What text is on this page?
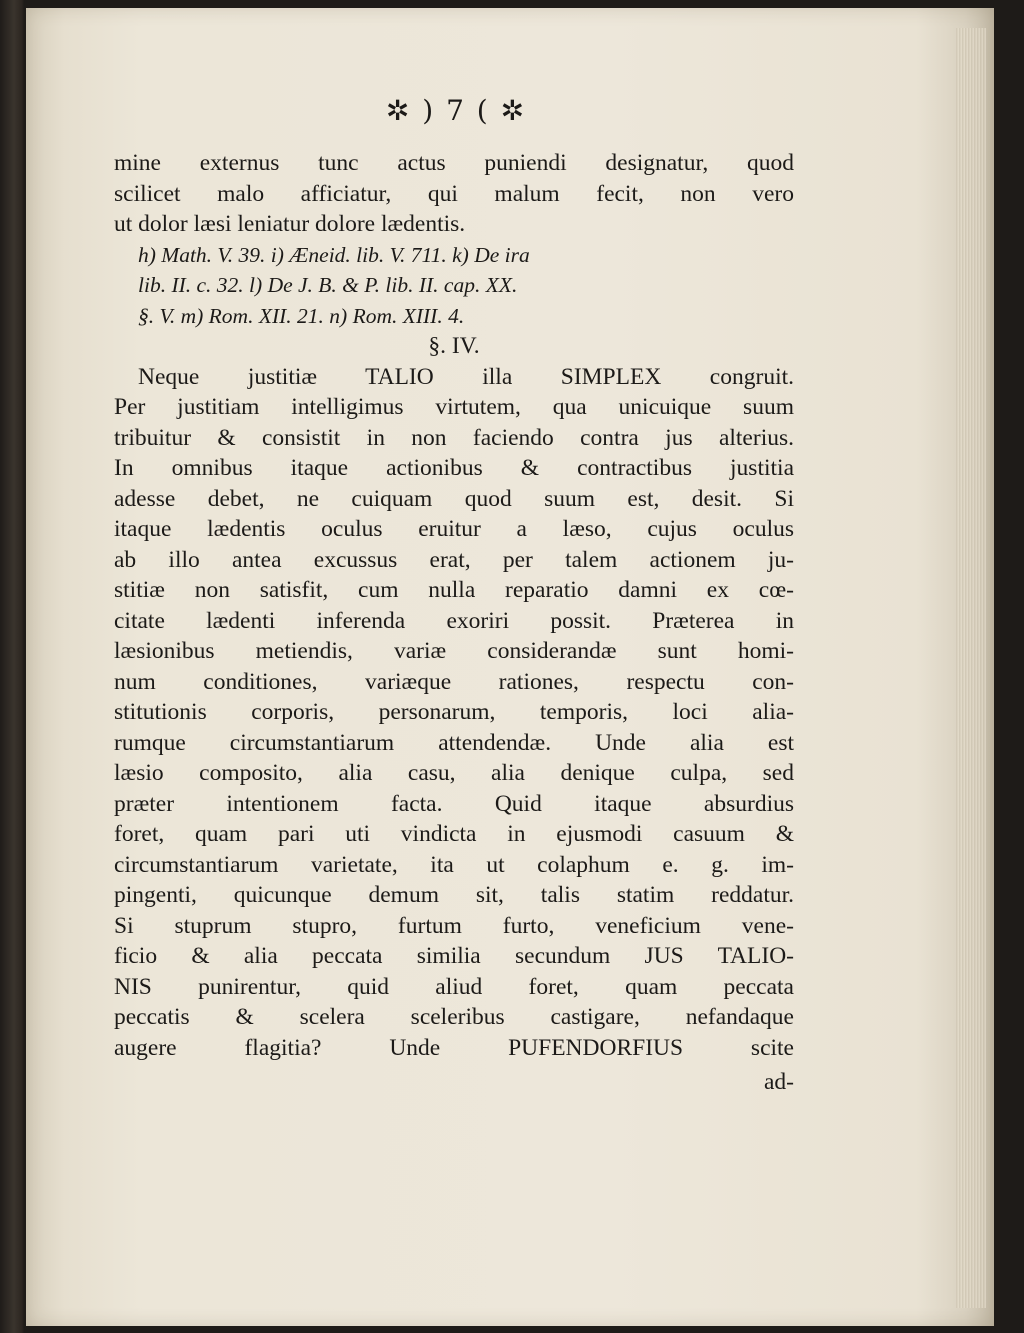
✲ ) 7 ( ✲
mine externus tunc actus puniendi designatur, quod
scilicet malo afficiatur, qui malum fecit, non vero
ut dolor læsi leniatur dolore lædentis.
h) Math. V. 39. i) Æneid. lib. V. 711. k) De ira
lib. II. c. 32. l) De J. B. & P. lib. II. cap. XX.
§. V. m) Rom. XII. 21. n) Rom. XIII. 4.
§. IV.
Neque justitiæ TALIO illa SIMPLEX congruit.
Per justitiam intelligimus virtutem, qua unicuique suum
tribuitur & consistit in non faciendo contra jus alterius.
In omnibus itaque actionibus & contractibus justitia
adesse debet, ne cuiquam quod suum est, desit. Si
itaque lædentis oculus eruitur a læso, cujus oculus
ab illo antea excussus erat, per talem actionem ju-
stitiæ non satisfit, cum nulla reparatio damni ex cœ-
citate lædenti inferenda exoriri possit. Præterea in
læsionibus metiendis, variæ considerandæ sunt homi-
num conditiones, variæque rationes, respectu con-
stitutionis corporis, personarum, temporis, loci alia-
rumque circumstantiarum attendendæ. Unde alia est
læsio composito, alia casu, alia denique culpa, sed
præter intentionem facta. Quid itaque absurdius
foret, quam pari uti vindicta in ejusmodi casuum &
circumstantiarum varietate, ita ut colaphum e. g. im-
pingenti, quicunque demum sit, talis statim reddatur.
Si stuprum stupro, furtum furto, veneficium vene-
ficio & alia peccata similia secundum JUS TALIO-
NIS punirentur, quid aliud foret, quam peccata
peccatis & scelera sceleribus castigare, nefandaque
augere flagitia? Unde PUFENDORFIUS scite
ad-
